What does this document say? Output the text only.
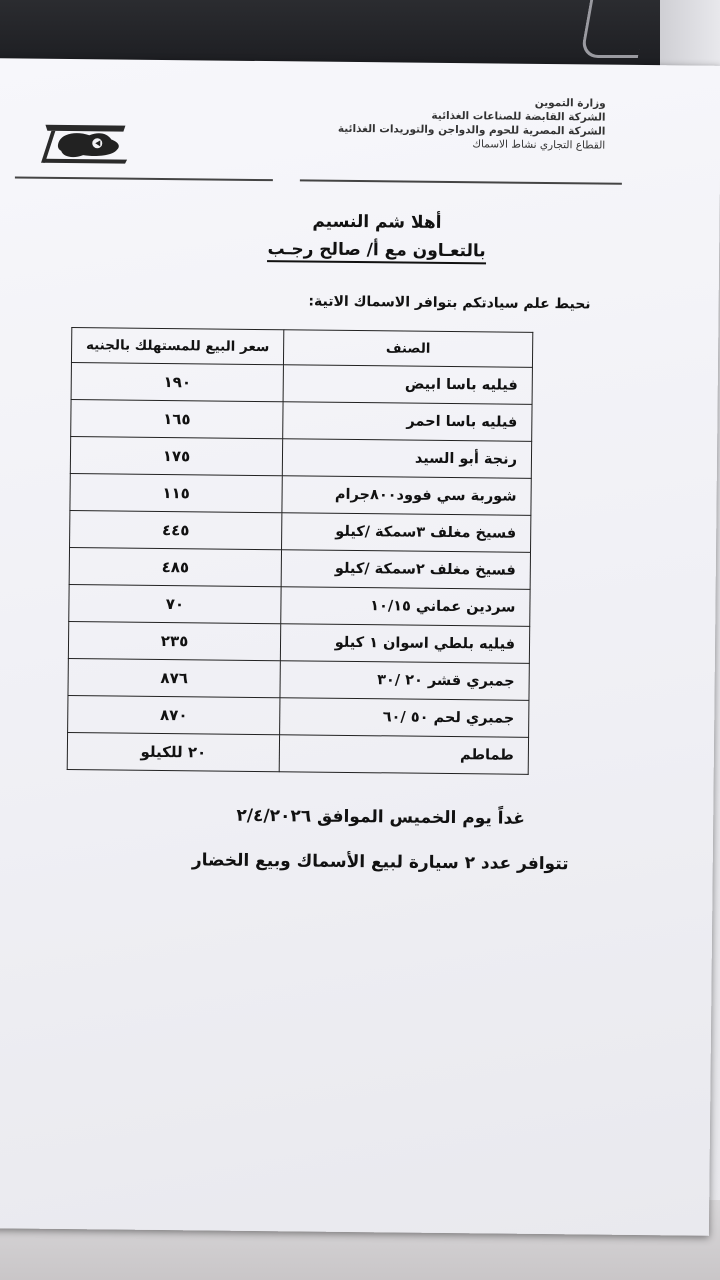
وزارة التموين
الشركة القابضة للصناعات الغذائية
الشركة المصرية للحوم والدواجن والتوريدات الغذائية
القطاع التجاري نشاط الاسماك
أهلا شم النسيم
بالتعـاون مع أ/ صالح رجـب
نحيط علم سيادتكم بتوافر الاسماك الاتية:
الصنف	سعر البيع للمستهلك بالجنيه
فيليه باسا ابيض	١٩٠
فيليه باسا احمر	١٦٥
رنجة أبو السيد	١٧٥
شوربة سي فوود٨٠٠جرام	١١٥
فسيخ مغلف ٣سمكة /كيلو	٤٤٥
فسيخ مغلف ٢سمكة /كيلو	٤٨٥
سردين عماني ١٠/١٥	٧٠
فيليه بلطي اسوان ١ كيلو	٢٣٥
جمبري قشر ٢٠ /٣٠	٨٧٦
جمبري لحم ٥٠ /٦٠	٨٧٠
طماطم	٢٠ للكيلو
غداً يوم الخميس الموافق ٢/٤/٢٠٢٦
تتوافر عدد ٢ سيارة لبيع الأسماك وبيع الخضار
